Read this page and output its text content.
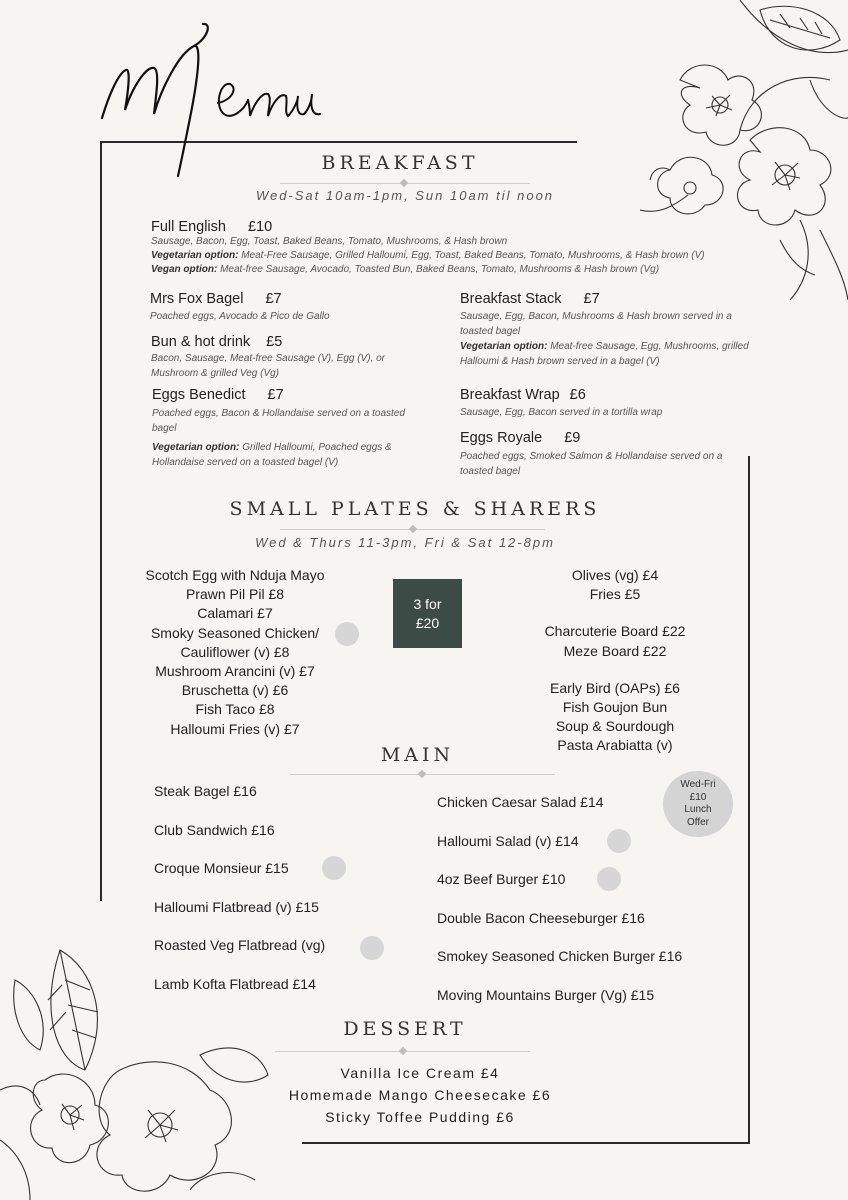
BREAKFAST
Wed-Sat 10am-1pm, Sun 10am til noon
Full English £10
Sausage, Bacon, Egg, Toast, Baked Beans, Tomato, Mushrooms, & Hash brown
Vegetarian option: Meat-Free Sausage, Grilled Halloumi, Egg, Toast, Baked Beans, Tomato, Mushrooms, & Hash brown (V)
Vegan option: Meat-free Sausage, Avocado, Toasted Bun, Baked Beans, Tomato, Mushrooms & Hash brown (Vg)
Mrs Fox Bagel £7
Poached eggs, Avocado & Pico de Gallo
Bun & hot drink £5
Bacon, Sausage, Meat-free Sausage (V), Egg (V), or Mushroom & grilled Veg (Vg)
Eggs Benedict £7
Poached eggs, Bacon & Hollandaise served on a toasted bagel
Vegetarian option: Grilled Halloumi, Poached eggs & Hollandaise served on a toasted bagel (V)
Breakfast Stack £7
Sausage, Egg, Bacon, Mushrooms & Hash brown served in a toasted bagel
Vegetarian option: Meat-free Sausage, Egg, Mushrooms, grilled Halloumi & Hash brown served in a bagel (V)
Breakfast Wrap £6
Sausage, Egg, Bacon served in a tortilla wrap
Eggs Royale £9
Poached eggs, Smoked Salmon & Hollandaise served on a toasted bagel
SMALL PLATES & SHARERS
Wed & Thurs 11-3pm, Fri & Sat 12-8pm
Scotch Egg with Nduja Mayo
Prawn Pil Pil £8
Calamari £7
Smoky Seasoned Chicken/
Cauliflower (v) £8
Mushroom Arancini (v) £7
Bruschetta (v) £6
Fish Taco £8
Halloumi Fries (v) £7
3 for
£20
Olives (vg) £4
Fries £5
Charcuterie Board £22
Meze Board £22
Early Bird (OAPs) £6
Fish Goujon Bun
Soup & Sourdough
Pasta Arabiatta (v)
MAIN
Steak Bagel £16
Club Sandwich £16
Croque Monsieur £15
Halloumi Flatbread (v) £15
Roasted Veg Flatbread (vg)
Lamb Kofta Flatbread £14
Chicken Caesar Salad £14
Halloumi Salad (v) £14
4oz Beef Burger £10
Double Bacon Cheeseburger £16
Smokey Seasoned Chicken Burger £16
Moving Mountains Burger (Vg) £15
Wed-Fri
£10
Lunch
Offer
DESSERT
Vanilla Ice Cream £4
Homemade Mango Cheesecake £6
Sticky Toffee Pudding £6
